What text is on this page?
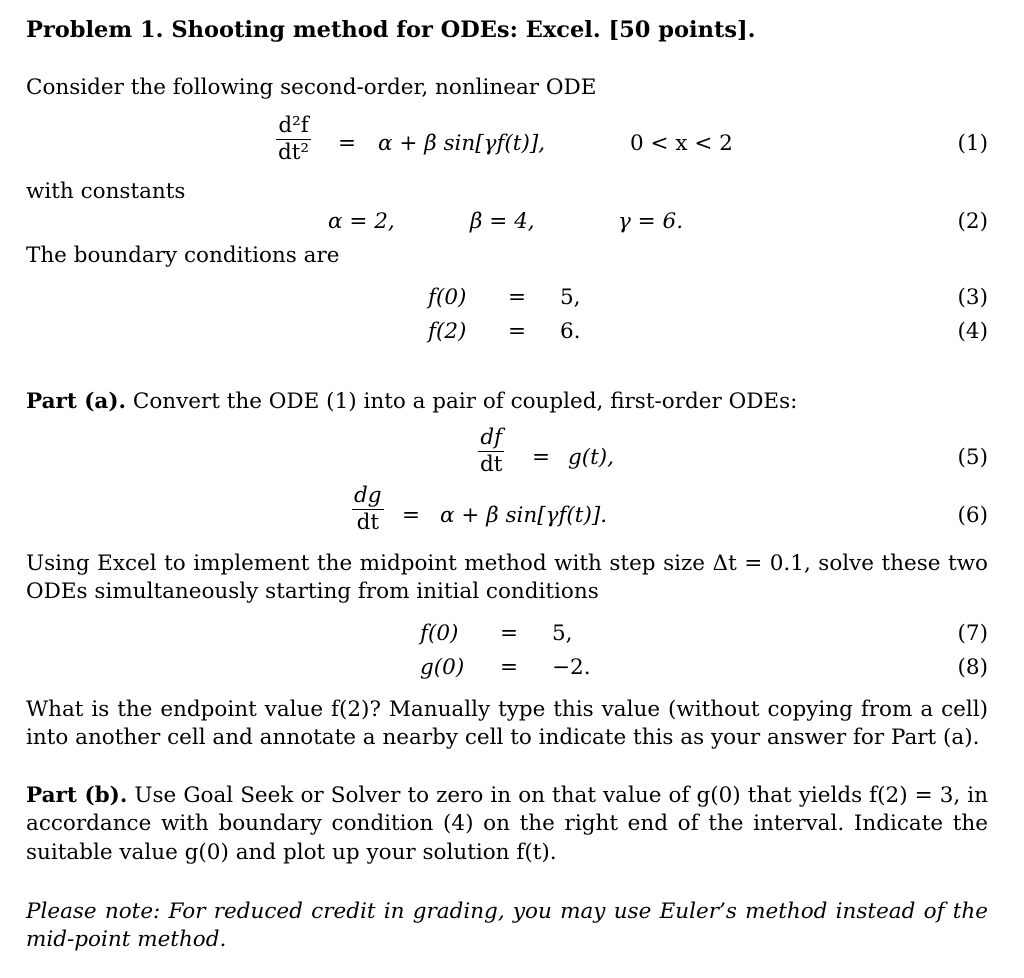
Problem 1. Shooting method for ODEs: Excel. [50 points].
Consider the following second-order, nonlinear ODE
$\frac{\text{d²f}}{\text{dt²}} = \alpha + \beta$ sin[γf(t)],	0 < x < 2	(1)
with constants
α = 2,	β = 4,	γ = 6.	(2)
The boundary conditions are
f(0) = 5,	(3)
f(2) = 6.	(4)
Part (a). Convert the ODE (1) into a pair of coupled, first-order ODEs:
$\frac{df}{dt} = g(t)$,	(5)
$\frac{dg}{dt} = \alpha + \beta$ sin[γf(t)].	(6)
Using Excel to implement the midpoint method with step size Δt = 0.1, solve these two ODEs simultaneously starting from initial conditions
f(0) = 5,	(7)
g(0) = −2.	(8)
What is the endpoint value f(2)? Manually type this value (without copying from a cell) into another cell and annotate a nearby cell to indicate this as your answer for Part (a).
Part (b). Use Goal Seek or Solver to zero in on that value of g(0) that yields f(2) = 3, in accordance with boundary condition (4) on the right end of the interval. Indicate the suitable value g(0) and plot up your solution f(t).
Please note: For reduced credit in grading, you may use Euler’s method instead of the mid-point method.
